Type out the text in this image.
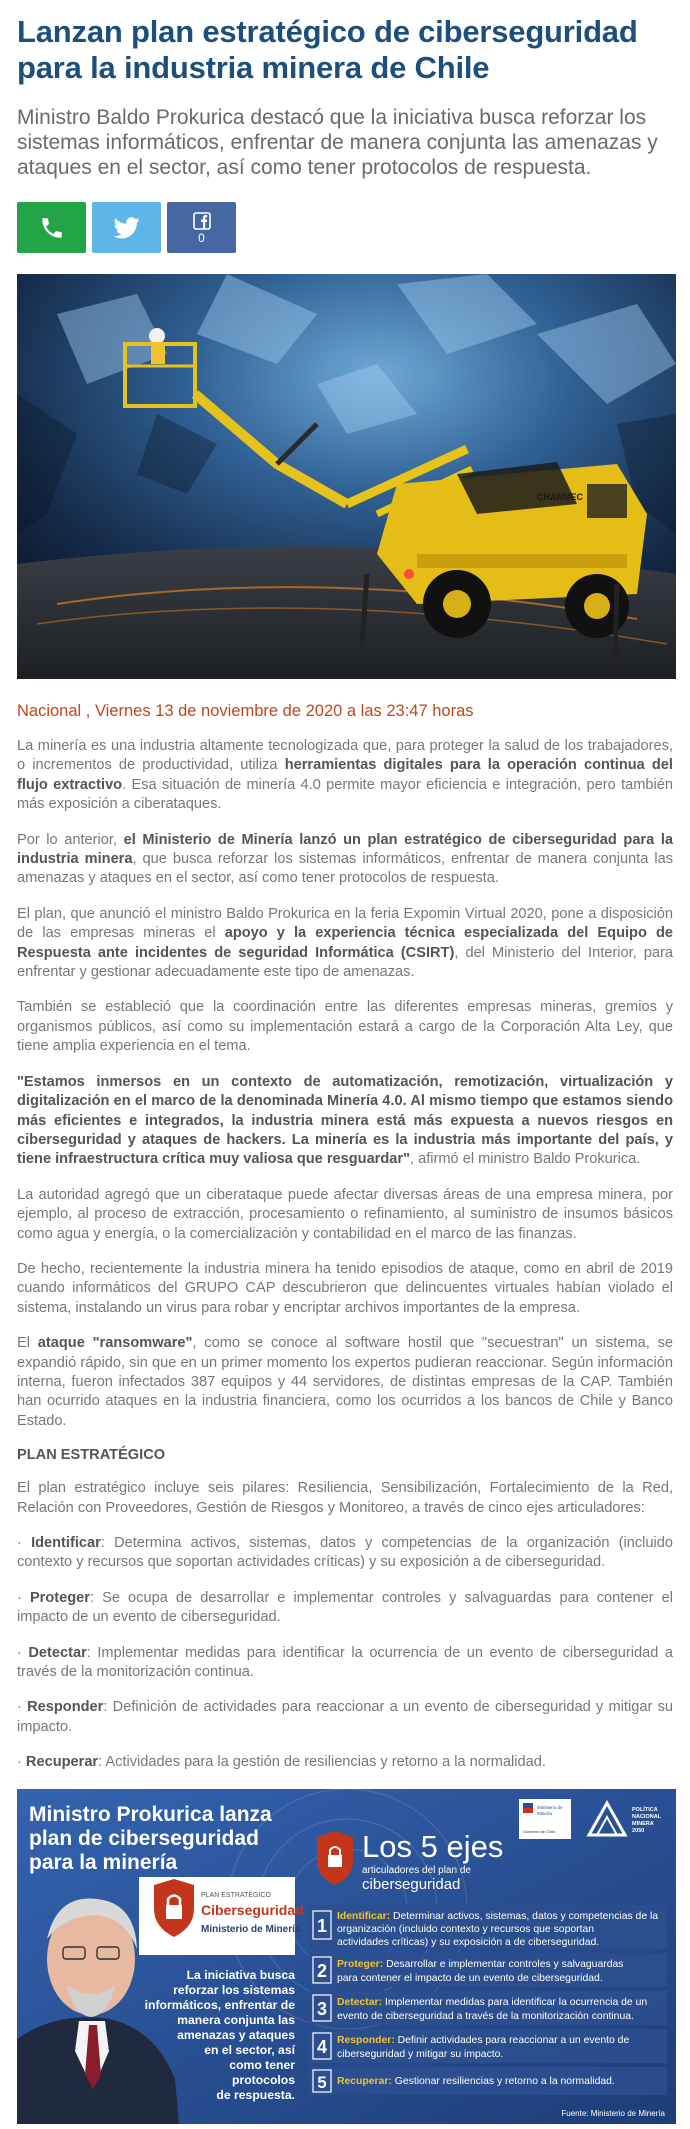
Lanzan plan estratégico de ciberseguridad para la industria minera de Chile

Ministro Baldo Prokurica destacó que la iniciativa busca reforzar los sistemas informáticos, enfrentar de manera conjunta las amenazas y ataques en el sector, así como tener protocolos de respuesta.

0
CHARMEC

Nacional , Viernes 13 de noviembre de 2020 a las 23:47 horas

La minería es una industria altamente tecnologizada que, para proteger la salud de los trabajadores, o incrementos de productividad, utiliza herramientas digitales para la operación continua del flujo extractivo. Esa situación de minería 4.0 permite mayor eficiencia e integración, pero también más exposición a ciberataques.

Por lo anterior, el Ministerio de Minería lanzó un plan estratégico de ciberseguridad para la industria minera, que busca reforzar los sistemas informáticos, enfrentar de manera conjunta las amenazas y ataques en el sector, así como tener protocolos de respuesta.

El plan, que anunció el ministro Baldo Prokurica en la feria Expomin Virtual 2020, pone a disposición de las empresas mineras el apoyo y la experiencia técnica especializada del Equipo de Respuesta ante incidentes de seguridad Informática (CSIRT), del Ministerio del Interior, para enfrentar y gestionar adecuadamente este tipo de amenazas.

También se estableció que la coordinación entre las diferentes empresas mineras, gremios y organismos públicos, así como su implementación estará a cargo de la Corporación Alta Ley, que tiene amplia experiencia en el tema.

"Estamos inmersos en un contexto de automatización, remotización, virtualización y digitalización en el marco de la denominada Minería 4.0. Al mismo tiempo que estamos siendo más eficientes e integrados, la industria minera está más expuesta a nuevos riesgos en ciberseguridad y ataques de hackers. La minería es la industria más importante del país, y tiene infraestructura crítica muy valiosa que resguardar", afirmó el ministro Baldo Prokurica.

La autoridad agregó que un ciberataque puede afectar diversas áreas de una empresa minera, por ejemplo, al proceso de extracción, procesamiento o refinamiento, al suministro de insumos básicos como agua y energía, o la comercialización y contabilidad en el marco de las finanzas.

De hecho, recientemente la industria minera ha tenido episodios de ataque, como en abril de 2019 cuando informáticos del GRUPO CAP descubrieron que delincuentes virtuales habían violado el sistema, instalando un virus para robar y encriptar archivos importantes de la empresa.

El ataque "ransomware", como se conoce al software hostil que "secuestran" un sistema, se expandió rápido, sin que en un primer momento los expertos pudieran reaccionar. Según información interna, fueron infectados 387 equipos y 44 servidores, de distintas empresas de la CAP. También han ocurrido ataques en la industria financiera, como los ocurridos a los bancos de Chile y Banco Estado.

PLAN ESTRATÉGICO

El plan estratégico incluye seis pilares: Resiliencia, Sensibilización, Fortalecimiento de la Red, Relación con Proveedores, Gestión de Riesgos y Monitoreo, a través de cinco ejes articuladores:

· Identificar: Determina activos, sistemas, datos y competencias de la organización (incluido contexto y recursos que soportan actividades críticas) y su exposición a de ciberseguridad.

· Proteger: Se ocupa de desarrollar e implementar controles y salvaguardas para contener el impacto de un evento de ciberseguridad.

· Detectar: Implementar medidas para identificar la ocurrencia de un evento de ciberseguridad a través de la monitorización continua.

· Responder: Definición de actividades para reaccionar a un evento de ciberseguridad y mitigar su impacto.

· Recuperar: Actividades para la gestión de resiliencias y retorno a la normalidad.

Ministro Prokurica lanza
plan de ciberseguridad
para la minería
PLAN ESTRATÉGICO
Ciberseguridad
Ministerio de Minería
La iniciativa busca
reforzar los sistemas
informáticos, enfrentar de
manera conjunta las
amenazas y ataques
en el sector, así
como tener
protocolos
de respuesta.
Los 5 ejes
articuladores del plan de
ciberseguridad
Ministerio de
Minería
Gobierno de Chile
POLÍTICA
NACIONAL
MINERA
2050
1 Identificar: Determinar activos, sistemas, datos y competencias de la
organización (incluido contexto y recursos que soportan
actividades críticas) y su exposición a de ciberseguridad.
2 Proteger: Desarrollar e implementar controles y salvaguardas
para contener el impacto de un evento de ciberseguridad.
3 Detectar: Implementar medidas para identificar la ocurrencia de un
evento de ciberseguridad a través de la monitorización continua.
4 Responder: Definir actividades para reaccionar a un evento de
ciberseguridad y mitigar su impacto.
5 Recuperar: Gestionar resiliencias y retorno a la normalidad.
Fuente: Ministerio de Minería
